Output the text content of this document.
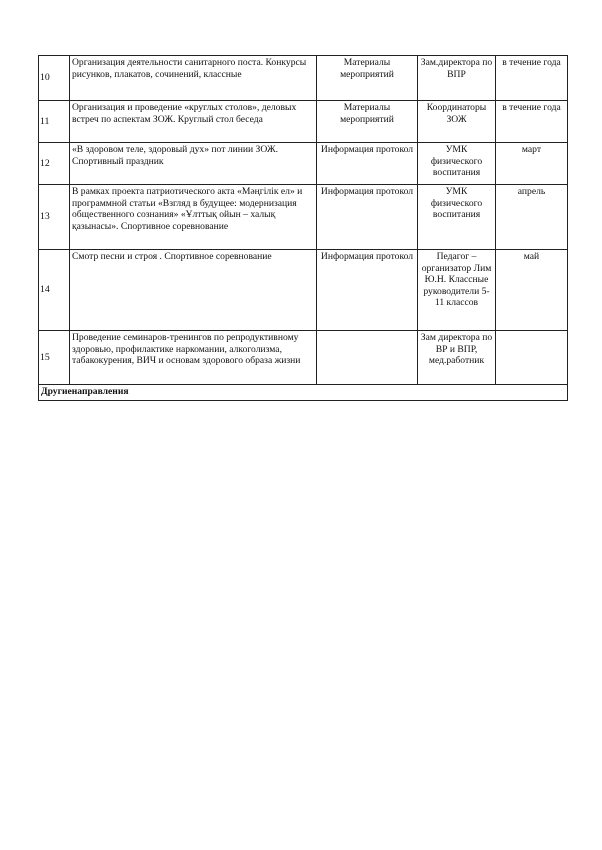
10	Организация деятельности санитарного поста. Конкурсы рисунков, плакатов, сочинений, классные	Материалы мероприятий	Зам.директора по ВПР	в течение года
11	Организация и проведение «круглых столов», деловых встреч по аспектам ЗОЖ. Круглый стол беседа	Материалы мероприятий	Координаторы ЗОЖ	в течение года
12	«В здоровом теле, здоровый дух» пот линии ЗОЖ. Спортивный праздник	Информация протокол	УМК физического воспитания	март
13	В рамках проекта патриотического акта «Мәңгілік ел» и программной статьи «Взгляд в будущее: модернизация общественного сознания» «Ұлттық ойын – халық қазынасы». Спортивное соревнование	Информация протокол	УМК физического воспитания	апрель
14	Смотр песни и строя . Спортивное соревнование	Информация протокол	Педагог – организатор Лим Ю.Н. Классные руководители 5-11 классов	май
15	Проведение семинаров-тренингов по репродуктивному здоровью, профилактике наркомании, алкоголизма, табакокурения, ВИЧ и основам здорового образа жизни		Зам директора по ВР и ВПР, мед.работник	
Другиенаправления				
